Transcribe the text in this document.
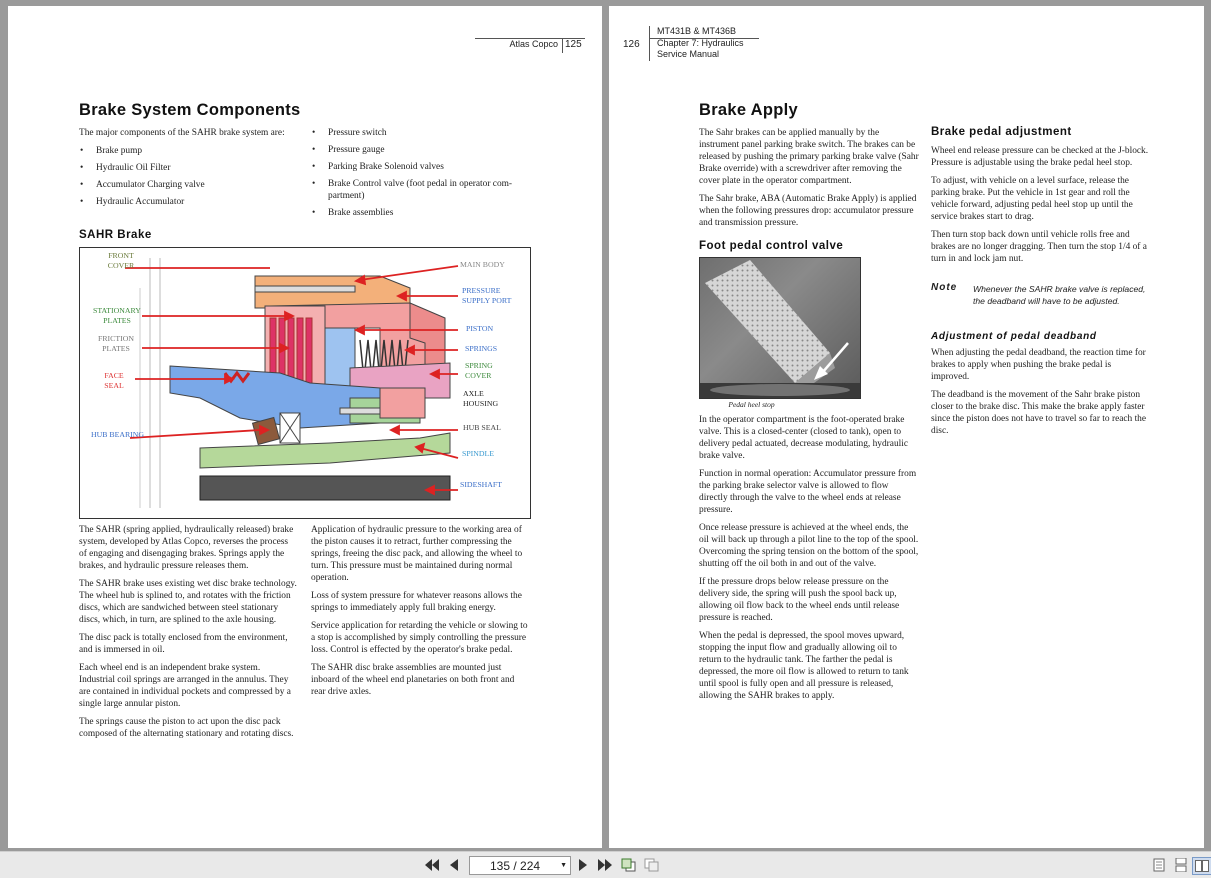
Atlas Copco 125
Brake System Components

The major components of the SAHR brake system are:

• Brake pump
• Hydraulic Oil Filter
• Accumulator Charging valve
• Hydraulic Accumulator
• Pressure switch
• Pressure gauge
• Parking Brake Solenoid valves
• Brake Control valve (foot pedal in operator com-partment)
• Brake assemblies
SAHR Brake
FRONT COVER
STATIONARY PLATES
FRICTION PLATES
FACE SEAL
HUB BEARING
MAIN BODY
PRESSURE SUPPLY PORT
PISTON
SPRINGS
SPRING COVER
AXLE HOUSING
HUB SEAL
SPINDLE
SIDESHAFT

The SAHR (spring applied, hydraulically released) brake system, developed by Atlas Copco, reverses the process of engaging and disengaging brakes. Springs apply the brakes, and hydraulic pressure releases them.

The SAHR brake uses existing wet disc brake technology. The wheel hub is splined to, and rotates with the friction discs, which are sandwiched between steel stationary discs, which, in turn, are splined to the axle housing.

The disc pack is totally enclosed from the environment, and is immersed in oil.

Each wheel end is an independent brake system. Industrial coil springs are arranged in the annulus. They are contained in individual pockets and compressed by a single large annular piston.

The springs cause the piston to act upon the disc pack composed of the alternating stationary and rotating discs.

Application of hydraulic pressure to the working area of the piston causes it to retract, further compressing the springs, freeing the disc pack, and allowing the wheel to turn. This pressure must be maintained during normal operation.

Loss of system pressure for whatever reasons allows the springs to immediately apply full braking energy.

Service application for retarding the vehicle or slowing to a stop is accomplished by simply controlling the pressure loss. Control is effected by the operator's brake pedal.

The SAHR disc brake assemblies are mounted just inboard of the wheel end planetaries on both front and rear drive axles.

126
MT431B & MT436B
Chapter 7: Hydraulics
Service Manual
Brake Apply

The Sahr brakes can be applied manually by the instrument panel parking brake switch. The brakes can be released by pushing the primary parking brake valve (Sahr Brake override) with a screwdriver after removing the cover plate in the operator compartment.

The Sahr brake, ABA (Automatic Brake Apply) is applied when the following pressures drop: accumulator pressure and transmission pressure.

Foot pedal control valve
Pedal heel stop

In the operator compartment is the foot-operated brake valve. This is a closed-center (closed to tank), open to delivery pedal actuated, decrease modulating, hydraulic brake valve.

Function in normal operation: Accumulator pressure from the parking brake selector valve is allowed to flow directly through the valve to the wheel ends at release pressure.

Once release pressure is achieved at the wheel ends, the oil will back up through a pilot line to the top of the spool. Overcoming the spring tension on the bottom of the spool, shutting off the oil both in and out of the valve.

If the pressure drops below release pressure on the delivery side, the spring will push the spool back up, allowing oil flow back to the wheel ends until release pressure is reached.

When the pedal is depressed, the spool moves upward, stopping the input flow and gradually allowing oil to return to the hydraulic tank. The farther the pedal is depressed, the more oil flow is allowed to return to tank until spool is fully open and all pressure is released, allowing the SAHR brakes to apply.

Brake pedal adjustment

Wheel end release pressure can be checked at the J-block. Pressure is adjustable using the brake pedal heel stop.

To adjust, with vehicle on a level surface, release the parking brake. Put the vehicle in 1st gear and roll the vehicle forward, adjusting pedal heel stop up until the service brakes start to drag.

Then turn stop back down until vehicle rolls free and brakes are no longer dragging. Then turn the stop 1/4 of a turn in and lock jam nut.

Note Whenever the SAHR brake valve is replaced, the deadband will have to be adjusted.
Adjustment of pedal deadband

When adjusting the pedal deadband, the reaction time for brakes to apply when pushing the brake pedal is improved.

The deadband is the movement of the Sahr brake piston closer to the brake disc. This make the brake apply faster since the piston does not have to travel so far to reach the disc.

135 / 224	▼
